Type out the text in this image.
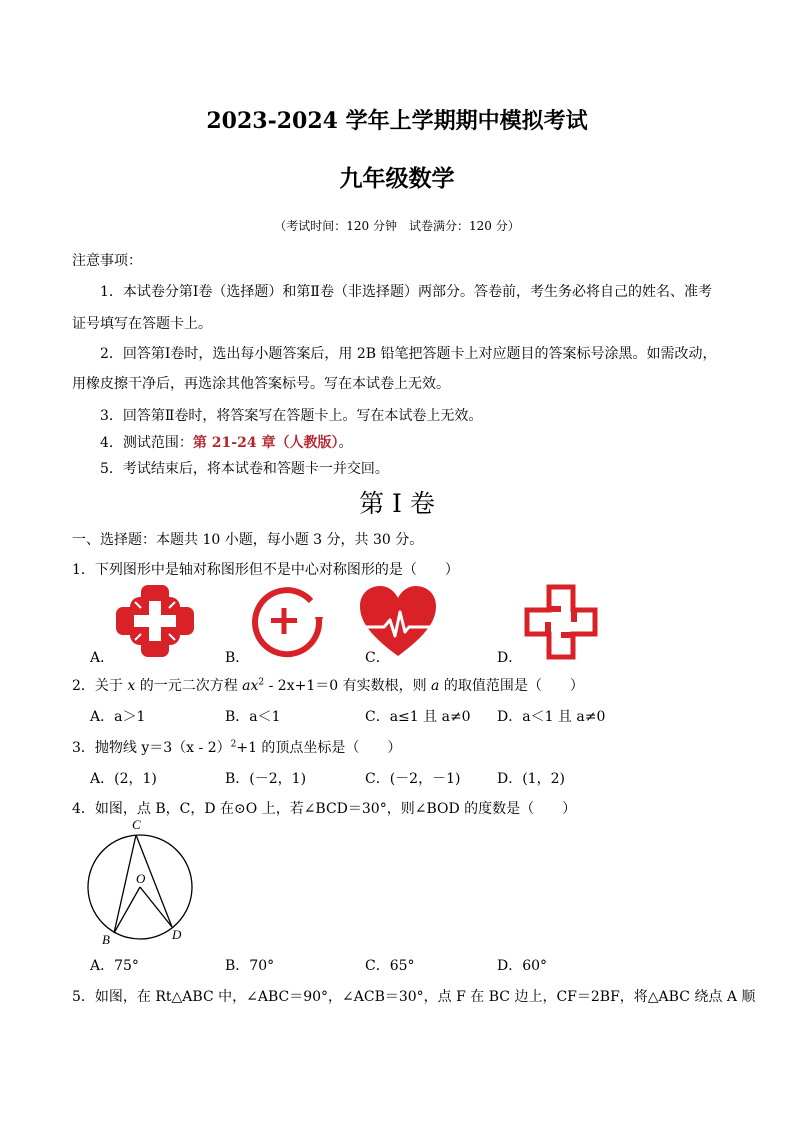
2023-2024 学年上学期期中模拟考试
九年级数学
（考试时间：120 分钟　试卷满分：120 分）
注意事项：
1．本试卷分第Ⅰ卷（选择题）和第Ⅱ卷（非选择题）两部分。答卷前，考生务必将自己的姓名、准考
证号填写在答题卡上。
2．回答第Ⅰ卷时，选出每小题答案后，用 2B 铅笔把答题卡上对应题目的答案标号涂黑。如需改动，
用橡皮擦干净后，再选涂其他答案标号。写在本试卷上无效。
3．回答第Ⅱ卷时，将答案写在答题卡上。写在本试卷上无效。
4．测试范围：第 21-24 章（人教版）。
5．考试结束后，将本试卷和答题卡一并交回。
第 I 卷
一、选择题：本题共 10 小题，每小题 3 分，共 30 分。
1．下列图形中是轴对称图形但不是中心对称图形的是（　　）
A．	B．	C．	D．
2．关于 x 的一元二次方程 $ax^2 - 2x+1=0$ 有实数根，则 a 的取值范围是（　　）
A．a＞1	B．a＜1	C．a≤1 且 a≠0 D．a＜1 且 a≠0
3．抛物线 y＝3（x - 2）$^2$+1 的顶点坐标是（　　）
A．(2，1)	B．(－2，1)	C．(－2，－1)	D．(1，2)
4．如图，点 B，C，D 在⊙O 上，若∠BCD＝30°，则∠BOD 的度数是（　　）
C
O
B	D
A．75°	B．70°	C．65°	D．60°
5．如图，在 Rt△ABC 中，∠ABC＝90°，∠ACB＝30°，点 F 在 BC 边上，CF＝2BF，将△ABC 绕点 A 顺
